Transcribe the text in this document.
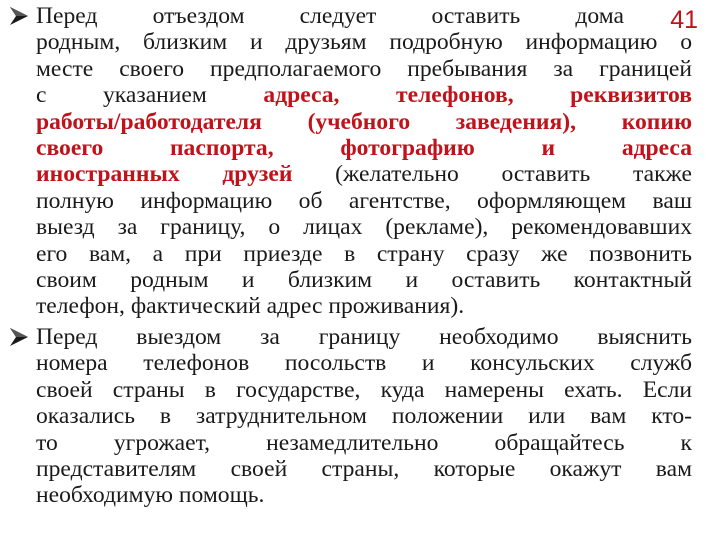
41
Перед отъездом следует оставить дома
родным, близким и друзьям подробную информацию о
месте своего предполагаемого пребывания за границей
с указанием адреса, телефонов, реквизитов
работы/работодателя (учебного заведения), копию
своего паспорта, фотографию и адреса
иностранных друзей (желательно оставить также
полную информацию об агентстве, оформляющем ваш
выезд за границу, о лицах (рекламе), рекомендовавших
его вам, а при приезде в страну сразу же позвонить
своим родным и близким и оставить контактный
телефон, фактический адрес проживания).
Перед выездом за границу необходимо выяснить
номера телефонов посольств и консульских служб
своей страны в государстве, куда намерены ехать. Если
оказались в затруднительном положении или вам кто-
то угрожает, незамедлительно обращайтесь к
представителям своей страны, которые окажут вам
необходимую помощь.
